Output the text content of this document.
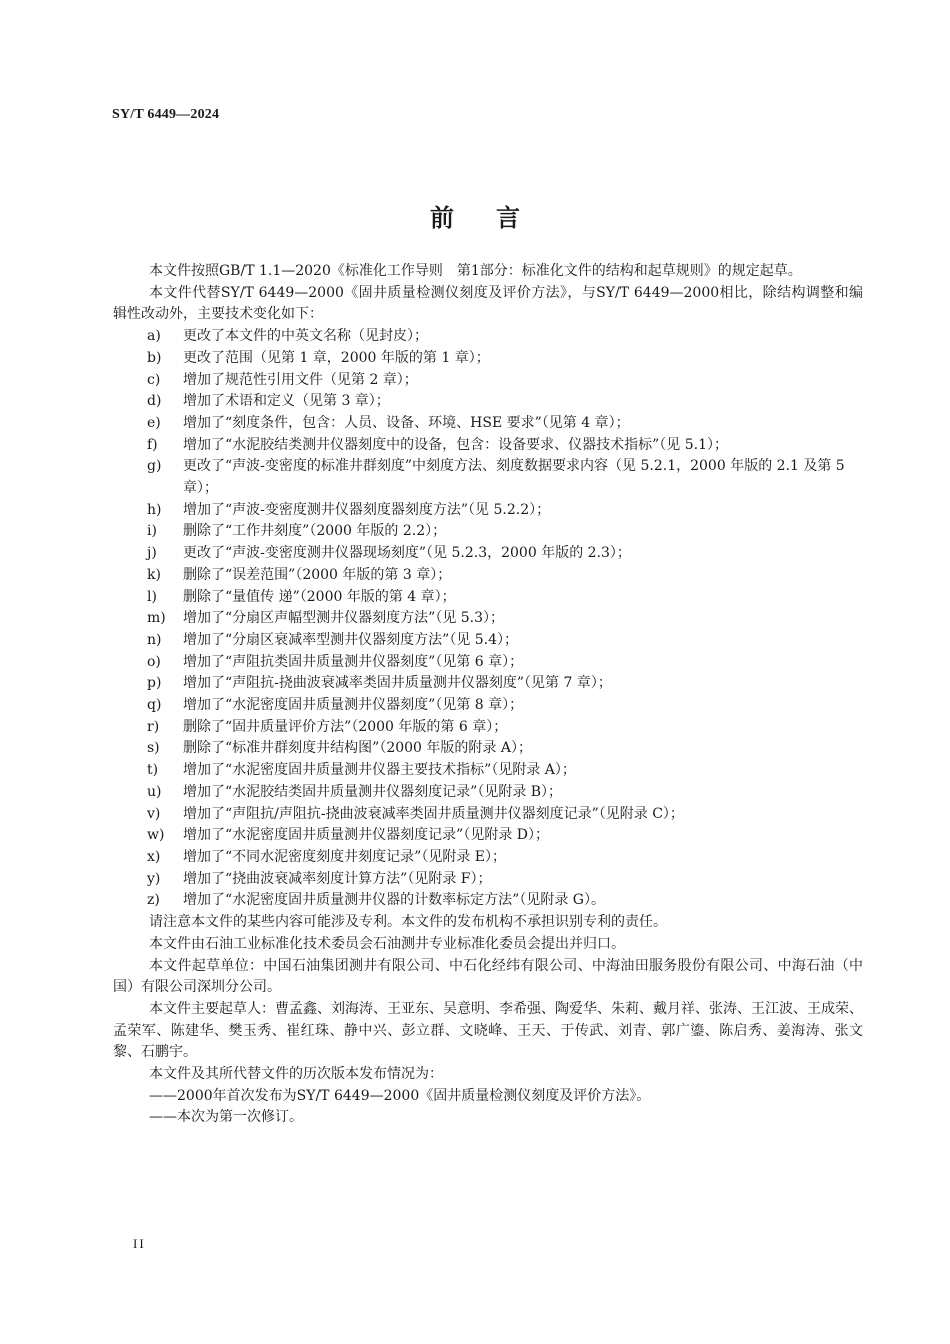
SY/T 6449—2024
前言

本文件按照GB/T 1.1—2020《标准化工作导则　第1部分：标准化文件的结构和起草规则》的规定起草。

本文件代替SY/T 6449—2000《固井质量检测仪刻度及评价方法》，与SY/T 6449—2000相比，除结构调整和编辑性改动外，主要技术变化如下：

a) 更改了本文件的中英文名称（见封皮）；

b) 更改了范围（见第 1 章，2000 年版的第 1 章）；

c) 增加了规范性引用文件（见第 2 章）；

d) 增加了术语和定义（见第 3 章）；

e) 增加了“刻度条件，包含：人员、设备、环境、HSE 要求”（见第 4 章）；

f) 增加了“水泥胶结类测井仪器刻度中的设备，包含：设备要求、仪器技术指标”（见 5.1）；

g) 更改了“声波-变密度的标准井群刻度”中刻度方法、刻度数据要求内容（见 5.2.1，2000 年版的 2.1 及第 5 章）；

h) 增加了“声波-变密度测井仪器刻度器刻度方法”（见 5.2.2）；

i) 删除了“工作井刻度”（2000 年版的 2.2）；

j) 更改了“声波-变密度测井仪器现场刻度”（见 5.2.3，2000 年版的 2.3）；

k) 删除了“误差范围”（2000 年版的第 3 章）；

l) 删除了“量值传 递”（2000 年版的第 4 章）；

m) 增加了“分扇区声幅型测井仪器刻度方法”（见 5.3）；

n) 增加了“分扇区衰减率型测井仪器刻度方法”（见 5.4）；

o) 增加了“声阻抗类固井质量测井仪器刻度”（见第 6 章）；

p) 增加了“声阻抗-挠曲波衰减率类固井质量测井仪器刻度”（见第 7 章）；

q) 增加了“水泥密度固井质量测井仪器刻度”（见第 8 章）；

r) 删除了“固井质量评价方法”（2000 年版的第 6 章）；

s) 删除了“标准井群刻度井结构图”（2000 年版的附录 A）；

t) 增加了“水泥密度固井质量测井仪器主要技术指标”（见附录 A）；

u) 增加了“水泥胶结类固井质量测井仪器刻度记录”（见附录 B）；

v) 增加了“声阻抗/声阻抗-挠曲波衰减率类固井质量测井仪器刻度记录”（见附录 C）；

w) 增加了“水泥密度固井质量测井仪器刻度记录”（见附录 D）；

x) 增加了“不同水泥密度刻度井刻度记录”（见附录 E）；

y) 增加了“挠曲波衰减率刻度计算方法”（见附录 F）；

z) 增加了“水泥密度固井质量测井仪器的计数率标定方法”（见附录 G）。

请注意本文件的某些内容可能涉及专利。本文件的发布机构不承担识别专利的责任。

本文件由石油工业标准化技术委员会石油测井专业标准化委员会提出并归口。

本文件起草单位：中国石油集团测井有限公司、中石化经纬有限公司、中海油田服务股份有限公司、中海石油（中国）有限公司深圳分公司。

本文件主要起草人：曹孟鑫、刘海涛、王亚东、吴意明、李希强、陶爱华、朱莉、戴月祥、张涛、王江波、王成荣、孟荣军、陈建华、樊玉秀、崔红珠、静中兴、彭立群、文晓峰、王天、于传武、刘青、郭广鎏、陈启秀、姜海涛、张文黎、石鹏宇。

本文件及其所代替文件的历次版本发布情况为：

——2000年首次发布为SY/T 6449—2000《固井质量检测仪刻度及评价方法》。

——本次为第一次修订。

II
